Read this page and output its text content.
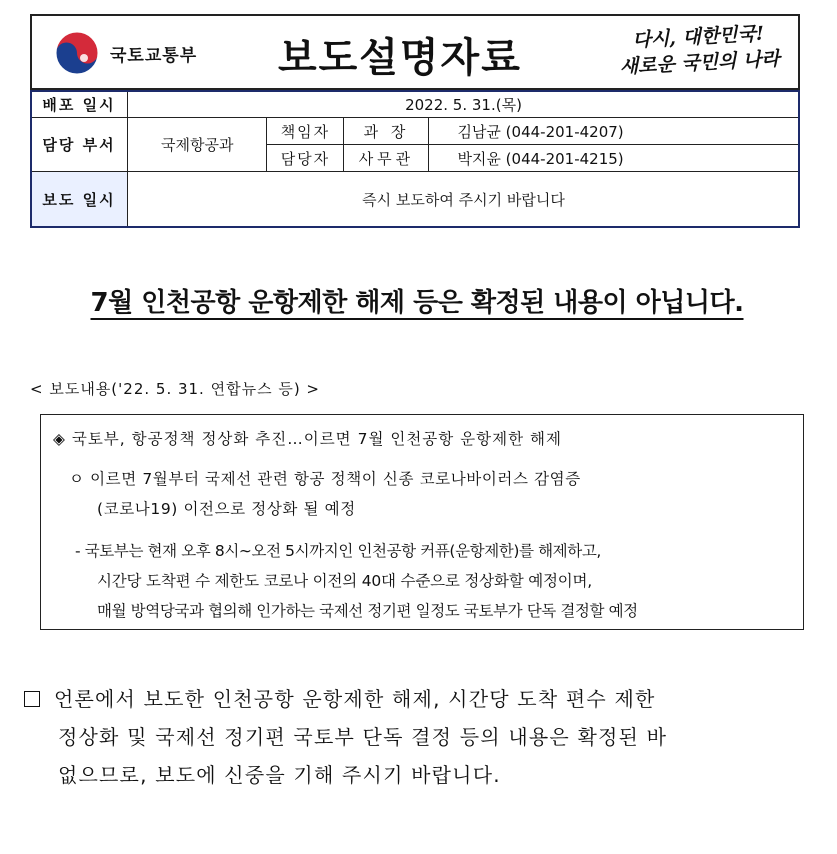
국토교통부 보도설명자료	다시, 대한민국!
새로운 국민의 나라
배포 일시	2022. 5. 31.(목)			
담당 부서	국제항공과	책임자	과 장	김남균 (044-201-4207)
		담당자	사무관	박지윤 (044-201-4215)
보도 일시	즉시 보도하여 주시기 바랍니다			
7월 인천공항 운항제한 해제 등은 확정된 내용이 아닙니다.
< 보도내용('22. 5. 31. 연합뉴스 등) >
◈ 국토부, 항공정책 정상화 추진…이르면 7월 인천공항 운항제한 해제
ㅇ 이르면 7월부터 국제선 관련 항공 정책이 신종 코로나바이러스 감염증
(코로나19) 이전으로 정상화 될 예정
- 국토부는 현재 오후 8시∼오전 5시까지인 인천공항 커퓨(운항제한)를 해제하고,
시간당 도착편 수 제한도 코로나 이전의 40대 수준으로 정상화할 예정이며,
매월 방역당국과 협의해 인가하는 국제선 정기편 일정도 국토부가 단독 결정할 예정
언론에서 보도한 인천공항 운항제한 해제, 시간당 도착 편수 제한
정상화 및 국제선 정기편 국토부 단독 결정 등의 내용은 확정된 바
없으므로, 보도에 신중을 기해 주시기 바랍니다.
